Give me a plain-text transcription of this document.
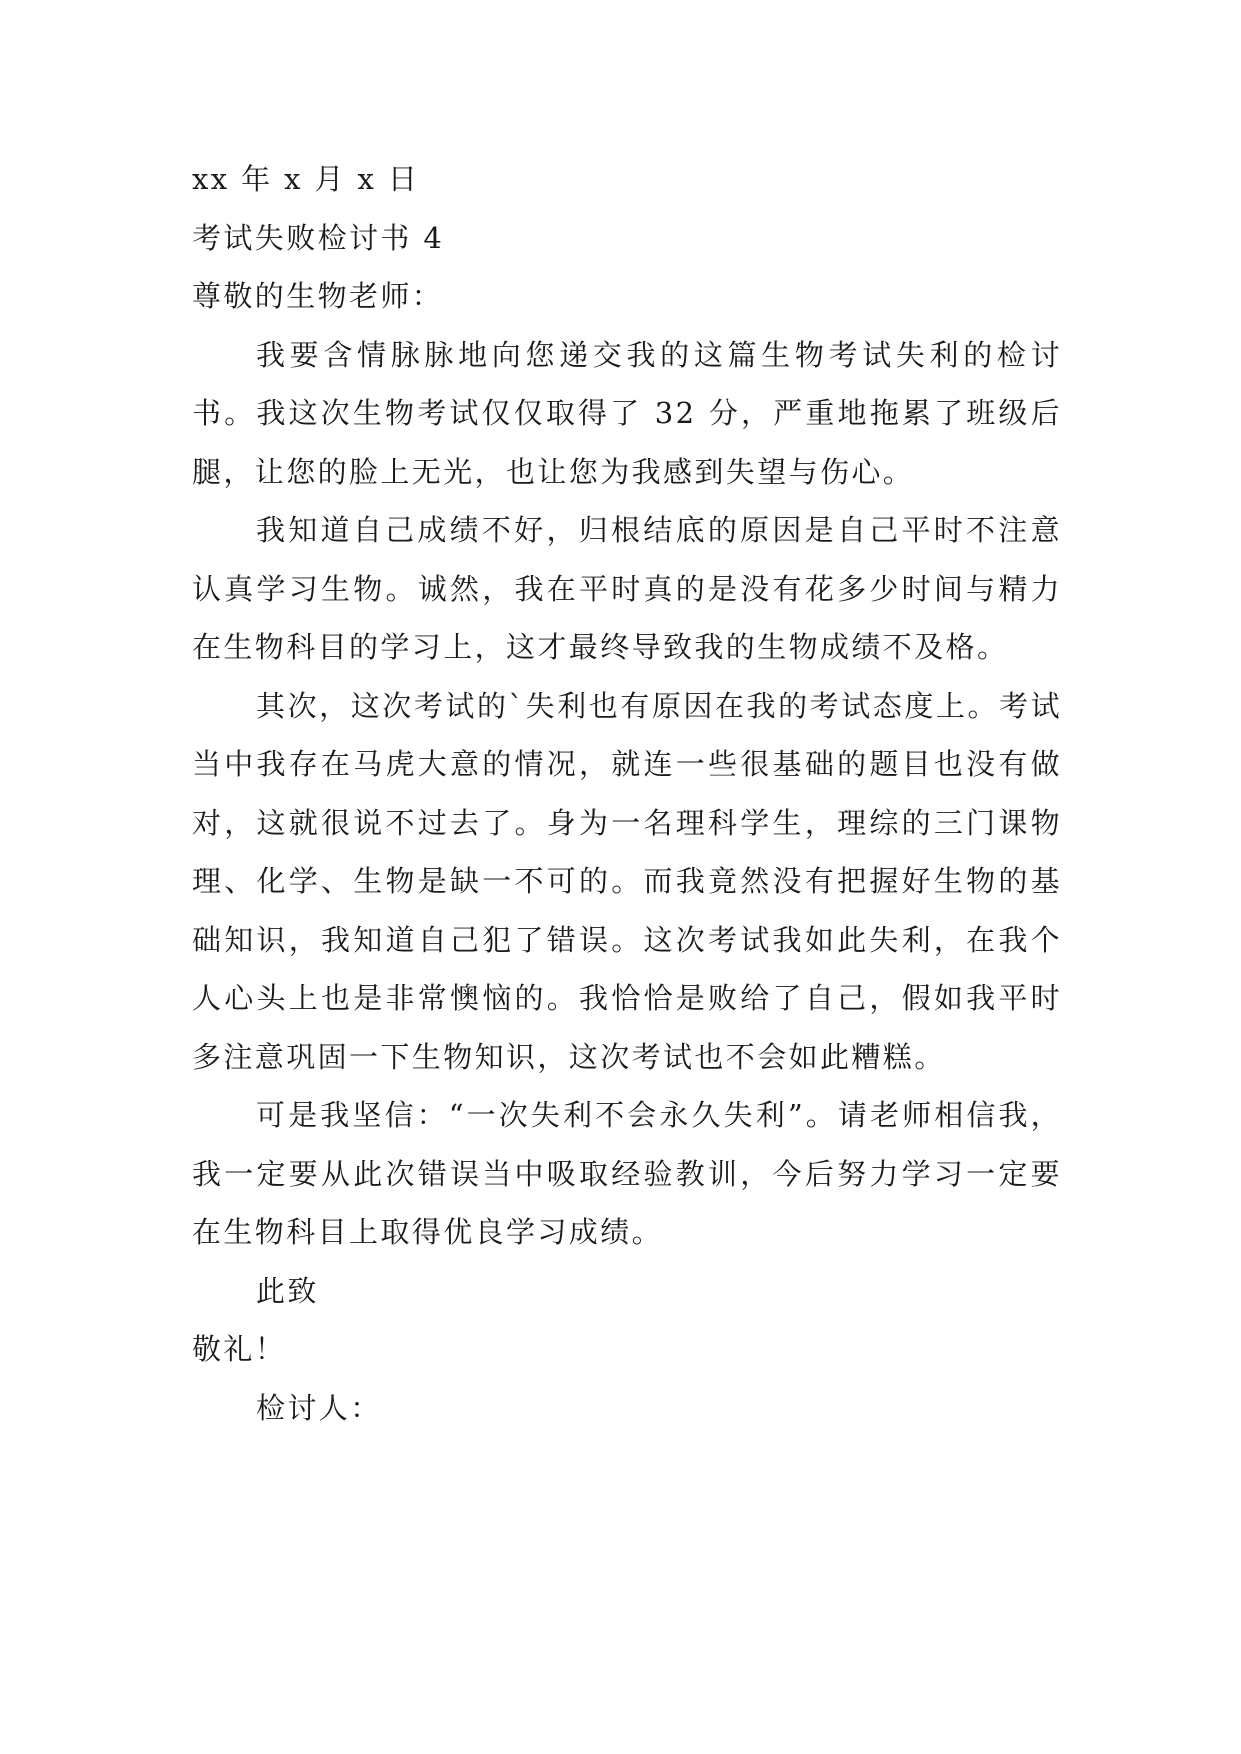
xx 年 x 月 x 日

考试失败检讨书 4

尊敬的生物老师：

我要含情脉脉地向您递交我的这篇生物考试失利的检讨书。我这次生物考试仅仅取得了 32 分，严重地拖累了班级后腿，让您的脸上无光，也让您为我感到失望与伤心。

我知道自己成绩不好，归根结底的原因是自己平时不注意认真学习生物。诚然，我在平时真的是没有花多少时间与精力在生物科目的学习上，这才最终导致我的生物成绩不及格。

其次，这次考试的`失利也有原因在我的考试态度上。考试当中我存在马虎大意的情况，就连一些很基础的题目也没有做对，这就很说不过去了。身为一名理科学生，理综的三门课物理、化学、生物是缺一不可的。而我竟然没有把握好生物的基础知识，我知道自己犯了错误。这次考试我如此失利，在我个人心头上也是非常懊恼的。我恰恰是败给了自己，假如我平时多注意巩固一下生物知识，这次考试也不会如此糟糕。

可是我坚信：“一次失利不会永久失利”。请老师相信我，我一定要从此次错误当中吸取经验教训，今后努力学习一定要在生物科目上取得优良学习成绩。

此致

敬礼！

检讨人：
